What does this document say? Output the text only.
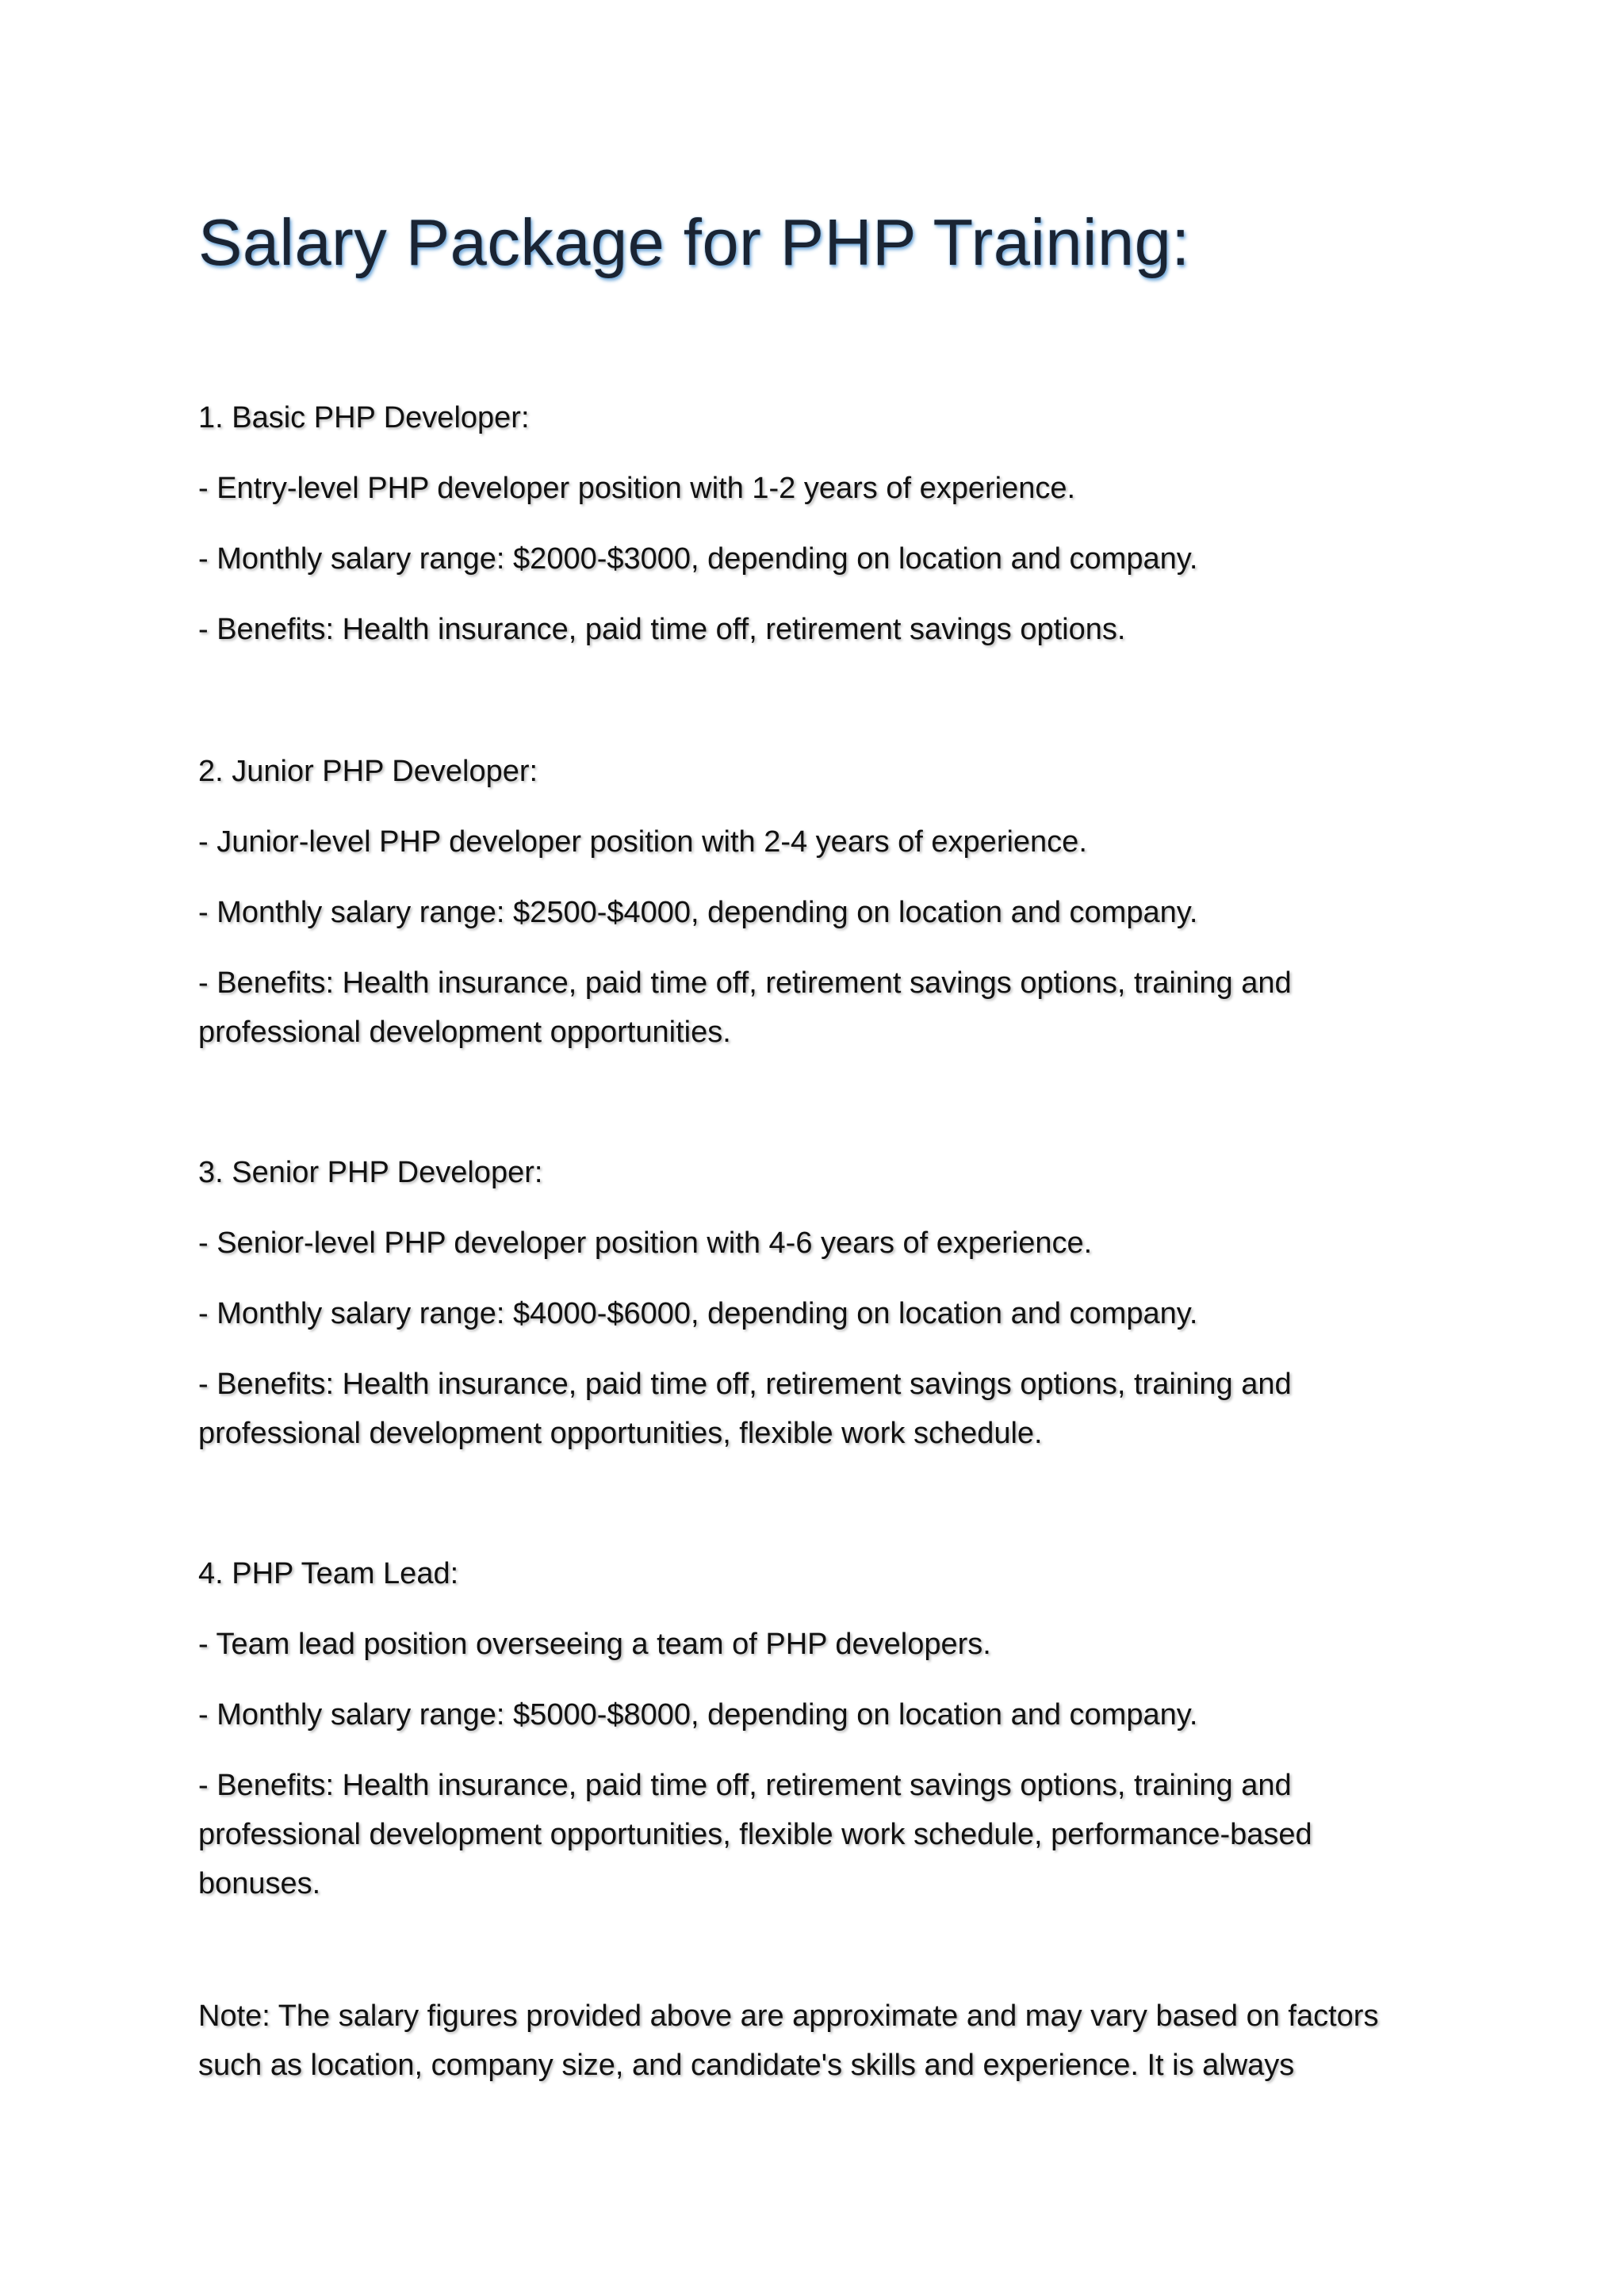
Salary Package for PHP Training:

1. Basic PHP Developer:

- Entry-level PHP developer position with 1-2 years of experience.

- Monthly salary range: $2000-$3000, depending on location and company.

- Benefits: Health insurance, paid time off, retirement savings options.

2. Junior PHP Developer:

- Junior-level PHP developer position with 2-4 years of experience.

- Monthly salary range: $2500-$4000, depending on location and company.

- Benefits: Health insurance, paid time off, retirement savings options, training and professional development opportunities.

3. Senior PHP Developer:

- Senior-level PHP developer position with 4-6 years of experience.

- Monthly salary range: $4000-$6000, depending on location and company.

- Benefits: Health insurance, paid time off, retirement savings options, training and professional development opportunities, flexible work schedule.

4. PHP Team Lead:

- Team lead position overseeing a team of PHP developers.

- Monthly salary range: $5000-$8000, depending on location and company.

- Benefits: Health insurance, paid time off, retirement savings options, training and professional development opportunities, flexible work schedule, performance-based bonuses.

Note: The salary figures provided above are approximate and may vary based on factors such as location, company size, and candidate's skills and experience. It is always
